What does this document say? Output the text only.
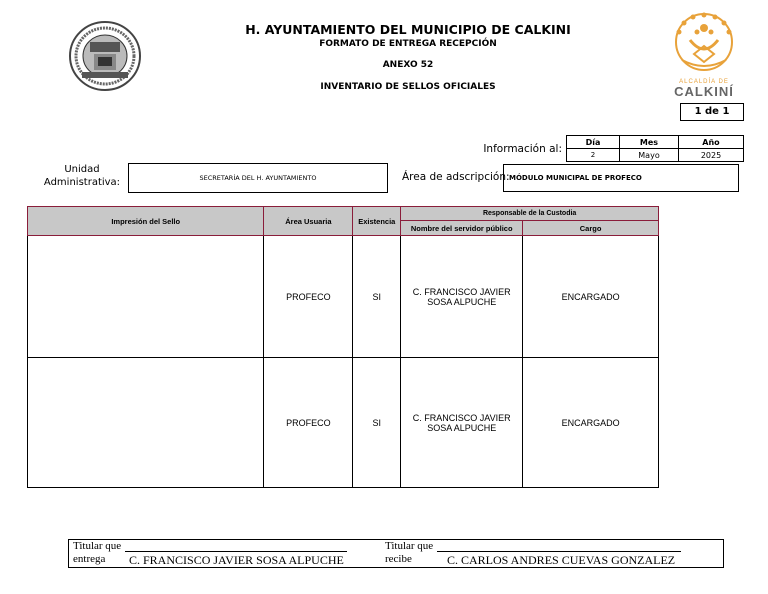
H. AYUNTAMIENTO DEL MUNICIPIO DE CALKINI
FORMATO DE ENTREGA RECEPCIÓN
ANEXO 52
INVENTARIO DE SELLOS OFICIALES	ALCALDÍA DE
CALKINÍ
1 de 1
Información al:
Día	Mes	Año
2	Mayo	2025
Unidad
Administrativa:	SECRETARÍA DEL H. AYUNTAMIENTO	Área de adscripción: MÓDULO MUNICIPAL DE PROFECO
Impresión del Sello	Área Usuaria	Existencia	Responsable de la Custodia	
			Nombre del servidor público	Cargo
	PROFECO	SI	C. FRANCISCO JAVIER SOSA ALPUCHE	ENCARGADO
	PROFECO	SI	C. FRANCISCO JAVIER SOSA ALPUCHE	ENCARGADO
Titular que
entrega	C. FRANCISCO JAVIER SOSA ALPUCHE
Titular que
recibe	C. CARLOS ANDRES CUEVAS GONZALEZ
